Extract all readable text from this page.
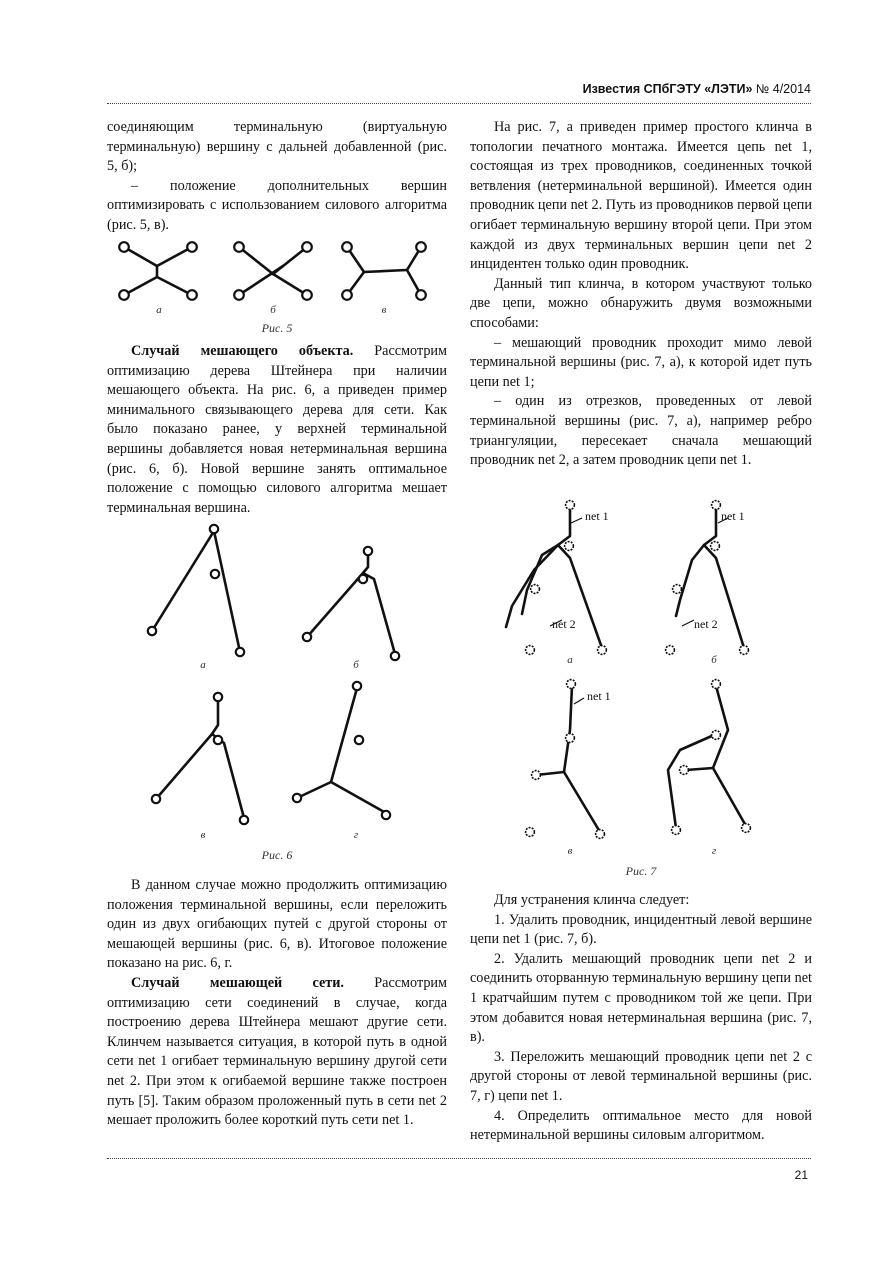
Известия СПбГЭТУ «ЛЭТИ» № 4/2014

соединяющим терминальную (виртуальную терминальную) вершину с дальней добавленной (рис. 5, б);

– положение дополнительных вершин оптимизировать с использованием силового алгоритма (рис. 5, в).

а	б	в
Рис. 5

Случай мешающего объекта. Рассмотрим оптимизацию дерева Штейнера при наличии мешающего объекта. На рис. 6, а приведен пример минимального связывающего дерева для сети. Как было показано ранее, у верхней терминальной вершины добавляется новая нетерминальная вершина (рис. 6, б). Новой вершине занять оптимальное положение с помощью силового алгоритма мешает терминальная вершина.

а	б
в	г
Рис. 6

В данном случае можно продолжить оптимизацию положения терминальной вершины, если переложить один из двух огибающих путей с другой стороны от мешающей вершины (рис. 6, в). Итоговое положение показано на рис. 6, г.

Случай мешающей сети. Рассмотрим оптимизацию сети соединений в случае, когда построению дерева Штейнера мешают другие сети. Клинчем называется ситуация, в которой путь в одной сети net 1 огибает терминальную вершину другой сети net 2. При этом к огибаемой вершине также построен путь [5]. Таким образом проложенный путь в сети net 2 мешает проложить более короткий путь сети net 1.

На рис. 7, а приведен пример простого клинча в топологии печатного монтажа. Имеется цепь net 1, состоящая из трех проводников, соединенных точкой ветвления (нетерминальной вершиной). Имеется один проводник цепи net 2. Путь из проводников первой цепи огибает терминальную вершину второй цепи. При этом каждой из двух терминальных вершин цепи net 2 инцидентен только один проводник.

Данный тип клинча, в котором участвуют только две цепи, можно обнаружить двумя возможными способами:

– мешающий проводник проходит мимо левой терминальной вершины (рис. 7, а), к которой идет путь цепи net 1;

– один из отрезков, проведенных от левой терминальной вершины (рис. 7, а), например ребро триангуляции, пересекает сначала мешающий проводник net 2, а затем проводник цепи net 1.

net 1
net 2
net 1
net 2
net 1
а	б
в	г
Рис. 7

Для устранения клинча следует:

1. Удалить проводник, инцидентный левой вершине цепи net 1 (рис. 7, б).

2. Удалить мешающий проводник цепи net 2 и соединить оторванную терминальную вершину цепи net 1 кратчайшим путем с проводником той же цепи. При этом добавится новая нетерминальная вершина (рис. 7, в).

3. Переложить мешающий проводник цепи net 2 с другой стороны от левой терминальной вершины (рис. 7, г) цепи net 1.

4. Определить оптимальное место для новой нетерминальной вершины силовым алгоритмом.

21
